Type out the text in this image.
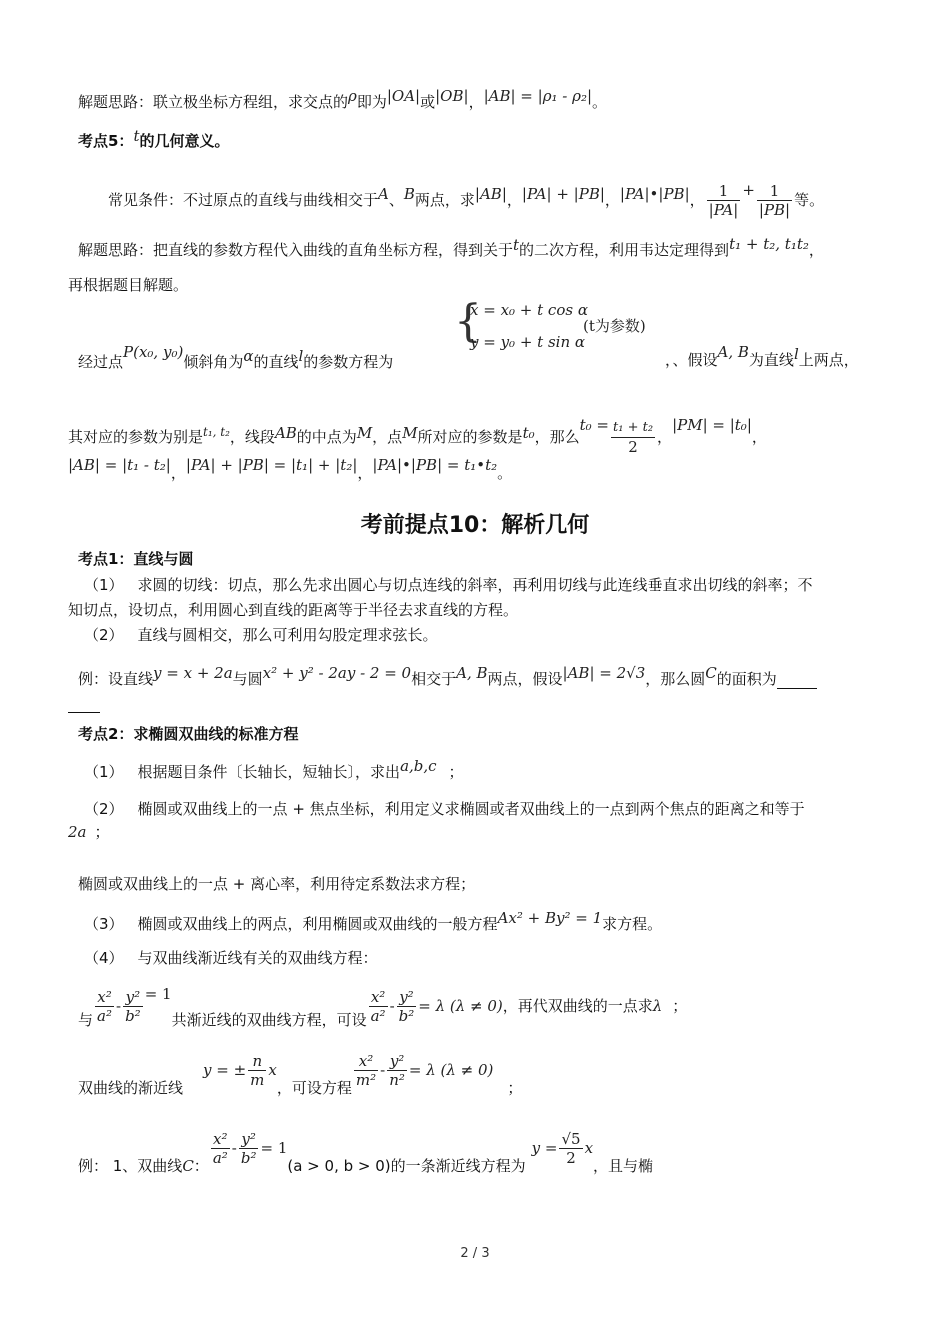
解题思路：联立极坐标方程组，求交点的ρ即为|OA|或|OB|，|AB| = |ρ₁ - ρ₂|。
考点5：t的几何意义。
常见条件：不过原点的直线与曲线相交于A、B两点，求|AB|，|PA| + |PB|，|PA|•|PB|， $\frac{1}{|PA|} + \frac{1}{|PB|}$ 等。
解题思路：把直线的参数方程代入曲线的直角坐标方程，得到关于t的二次方程，利用韦达定理得到t₁ + t₂, t₁t₂，
再根据题目解题。
经过点P(x₀, y₀)倾斜角为α的直线l的参数方程为
{
x = x₀ + t cos α
y = y₀ + t sin α
(t为参数)
，、假设A, B为直线l上两点，
其对应的参数为别是$^{t_1, t_2}$，线段AB的中点为M，点M所对应的参数是t₀，那么$t_0 = \frac{\text{t₁ + t₂}}{2}$ ，|PM| = |t₀|，
|AB| = |t₁ - t₂|，|PA| + |PB| = |t₁| + |t₂|，|PA|•|PB| = t₁•t₂。
考前提点10：解析几何
考点1：直线与圆
（1） 求圆的切线：切点，那么先求出圆心与切点连线的斜率，再利用切线与此连线垂直求出切线的斜率；不
知切点，设切点，利用圆心到直线的距离等于半径去求直线的方程。
（2） 直线与圆相交，那么可利用勾股定理求弦长。
例：设直线y = x + 2a与圆x² + y² - 2ay - 2 = 0相交于A, B两点，假设|AB| = 2√3，那么圆C的面积为
考点2：求椭圆双曲线的标准方程
（1） 根据题目条件〔长轴长，短轴长〕，求出a,b,c ；
（2） 椭圆或双曲线上的一点 + 焦点坐标，利用定义求椭圆或者双曲线上的一点到两个焦点的距离之和等于
2a ；
椭圆或双曲线上的一点 + 离心率，利用待定系数法求方程；
（3） 椭圆或双曲线上的两点，利用椭圆或双曲线的一般方程Ax² + By² = 1求方程。
（4） 与双曲线渐近线有关的双曲线方程：
与 $\frac{\text{x²}}{\text{a²}} - \frac{\text{y²}}{\text{b²}} = 1$共渐近线的双曲线方程，可设 $\frac{\text{x²}}{\text{a²}} - \frac{\text{y²}}{\text{b²}} = \lambda$ (λ ≠ 0)，再代双曲线的一点求λ ；
双曲线的渐近线y = ± $\frac{n}{m}$ x，可设方程 $\frac{\text{x²}}{\text{m²}} - \frac{\text{y²}}{\text{n²}} = \lambda$ (λ ≠ 0)；
例： 1、双曲线C： $\frac{\text{x²}}{\text{a²}} - \frac{\text{y²}}{\text{b²}} = 1(a > 0$, b > 0)的一条渐近线方程为$y = \frac{√5}{2}$ x，且与椭
2 / 3
